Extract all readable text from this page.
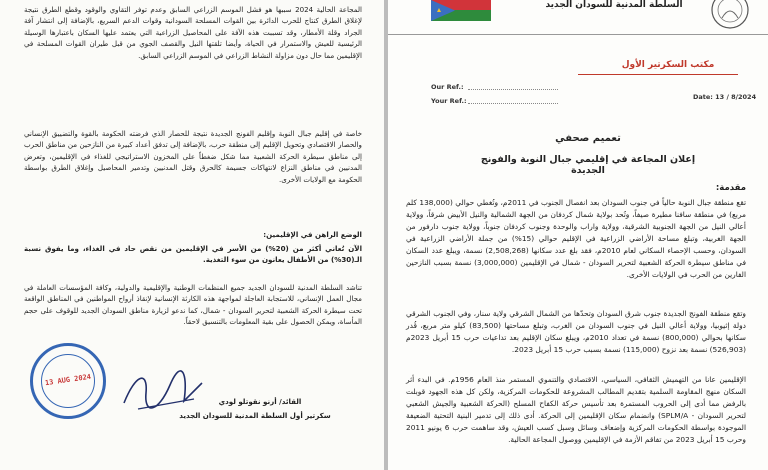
المجاعة الحالية 2024 سببها هو فشل الموسم الزراعي السابق وعدم توفر التقاوي والوقود وقطع الطرق نتيجة لإغلاق الطرق كنتاج للحرب الدائرة بين القوات المسلحة السودانية وقوات الدعم السريع، بالإضافة إلى انتشار آفة الجراد وقلة الأمطار، وقد تسببت هذه الآفة على المحاصيل الزراعية التي يعتمد عليها السكان باعتبارها الوسيلة الرئيسية للعيش والاستمرار في الحياة، وأيضا تلقتها النيل والقصف الجوي من قبل طيران القوات المسلحة في الإقليمين مما حال دون مزاولة النشاط الزراعي في الموسم الزراعي السابق.

خاصة في إقليم جبال النوبة وإقليم الفونج الجديدة نتيجة للحصار الذي فرضته الحكومة بالقوة والتضييق الإنساني والحصار الاقتصادي وتحويل الإقليم إلى منطقة حرب، بالإضافة إلى تدفق أعداد كبيرة من النازحين من مناطق الحرب إلى مناطق سيطرة الحركة الشعبية مما شكل ضغطاً على المخزون الاستراتيجي للغذاء في الإقليمين، وتعرض المدنيين في مناطق النزاع لانتهاكات جسيمة كالحرق وقتل المدنيين وتدمير المحاصيل وإغلاق الطرق بواسطة الحكومة مع الولايات الأخرى.

الوضع الراهن في الإقليمين:

الآن تُعاني أكثر من (20%) من الأسر في الإقليمين من نقص حاد في الغذاء، وما يفوق نسبة الـ(30%) من الأطفال يعانون من سوء التغذية.

تناشد السلطة المدنية للسودان الجديد جميع المنظمات الوطنية والإقليمية والدولية، وكافة المؤسسات العاملة في مجال العمل الإنساني، للاستجابة العاجلة لمواجهة هذه الكارثة الإنسانية لإنقاذ أرواح المواطنين في المناطق الواقعة تحت سيطرة الحركة الشعبية لتحرير السودان - شمال، كما ندعو لزيارة مناطق السودان الجديد للوقوف على حجم المأساة، ويمكن الحصول على بقية المعلومات بالتنسيق لاحقاً.

13 AUG 2024

القائد/ أرنو نقوتلو لودي

سكرتير أول السلطة المدنية للسودان الجديد

السلطة المدنية للسودان الجديد
مكتب السكرتير الأول
Our Ref.:
Your Ref.:	Date: 13 / 8/2024
تعميم صحفي
إعلان المجاعة في إقليمي جبال النوبة والفونج الجديدة
مقدمة:

تقع منطقة جبال النوبة حالياً في جنوب السودان بعد انفصال الجنوب في 2011م، وتُغطي حوالي (138,000 كلم مربع) في منطقة سافنا مطيرة صيفاً، وتُحد بولاية شمال كردفان من الجهة الشمالية والنيل الأبيض شرقاً، وولاية أعالي النيل من الجهة الجنوبية الشرقية، وولاية واراب والوحدة وجنوب كردفان جنوباً، وولاية جنوب دارفور من الجهة الغربية، وتبلغ مساحة الأراضي الزراعية في الإقليم حوالي (15%) من جملة الأراضي الزراعية في السودان، وحسب الإحصاء السكاني لعام 2010م، فقد بلغ عدد سكانها (2,508,268) نسمة، ويبلغ عدد السكان في مناطق سيطرة الحركة الشعبية لتحرير السودان - شمال في الإقليمين (3,000,000) نسمة بسبب النازحين الفارين من الحرب في الولايات الأخرى.

وتقع منطقة الفونج الجديدة جنوب شرق السودان وتحدّها من الشمال الشرقي ولاية سنار، وفي الجنوب الشرقي دولة إثيوبيا، وولاية أعالي النيل في جنوب السودان من الغرب، وتبلغ مساحتها (83,500) كيلو متر مربع، قُدر سكانها بحوالي (800,000) نسمة في تعداد 2010م، ويبلغ سكان الإقليم بعد تداعيات حرب 15 أبريل 2023م (526,903) نسمة بعد نزوح (115,000) نسمة بسبب حرب 15 أبريل 2023.

الإقليمين عانا من التهميش الثقافي، السياسي، الاقتصادي والتنموي المستمر منذ العام 1956م. في البدء أثر السكان منهج المقاومة السلمية بتقديم المطالب المشروعة للحكومات المركزية، ولكن كل هذه الجهود قوبلت بالرفض مما أدى إلى الحروب المستمرة بعد تأسيس حركة الكفاح المسلح (الحركة الشعبية والجيش الشعبي لتحرير السودان - SPLM/A) وانضمام سكان الإقليمين إلى الحركة. أدى ذلك إلى تدمير البنية التحتية الضعيفة الموجودة بواسطة الحكومات المركزية وإضعاف وسائل وسبل كسب العيش، وقد ساهمت حرب 6 يونيو 2011 وحرب 15 أبريل 2023 من تفاقم الأزمة في الإقليمين ووصول المجاعة الحالية.
